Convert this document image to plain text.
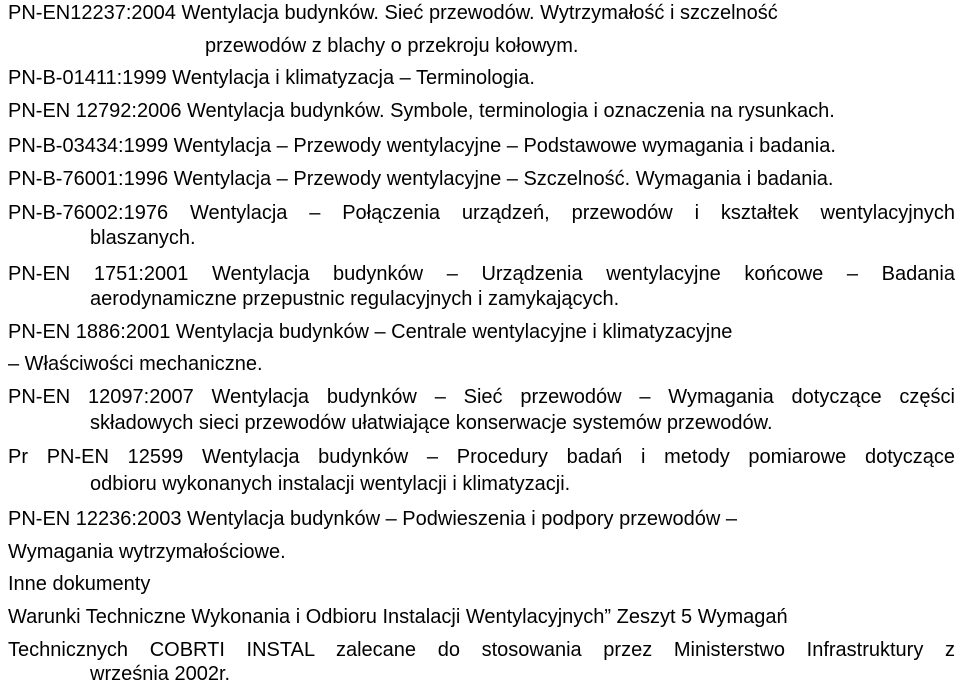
PN-EN12237:2004 Wentylacja budynków. Sieć przewodów. Wytrzymałość i szczelność
przewodów z blachy o przekroju kołowym.
PN-B-01411:1999 Wentylacja i klimatyzacja – Terminologia.
PN-EN 12792:2006 Wentylacja budynków. Symbole, terminologia i oznaczenia na rysunkach.
PN-B-03434:1999 Wentylacja – Przewody wentylacyjne – Podstawowe wymagania i badania.
PN-B-76001:1996 Wentylacja – Przewody wentylacyjne – Szczelność. Wymagania i badania.
PN-B-76002:1976 Wentylacja – Połączenia urządzeń, przewodów i kształtek wentylacyjnych
blaszanych.
PN-EN 1751:2001 Wentylacja budynków – Urządzenia wentylacyjne końcowe – Badania
aerodynamiczne przepustnic regulacyjnych i zamykających.
PN-EN 1886:2001 Wentylacja budynków – Centrale wentylacyjne i klimatyzacyjne
– Właściwości mechaniczne.
PN-EN 12097:2007 Wentylacja budynków – Sieć przewodów – Wymagania dotyczące części
składowych sieci przewodów ułatwiające konserwacje systemów przewodów.
Pr PN-EN 12599 Wentylacja budynków – Procedury badań i metody pomiarowe dotyczące
odbioru wykonanych instalacji wentylacji i klimatyzacji.
PN-EN 12236:2003 Wentylacja budynków – Podwieszenia i podpory przewodów –
Wymagania wytrzymałościowe.
Inne dokumenty
Warunki Techniczne Wykonania i Odbioru Instalacji Wentylacyjnych” Zeszyt 5 Wymagań
Technicznych COBRTI INSTAL zalecane do stosowania przez Ministerstwo Infrastruktury z
września 2002r.
